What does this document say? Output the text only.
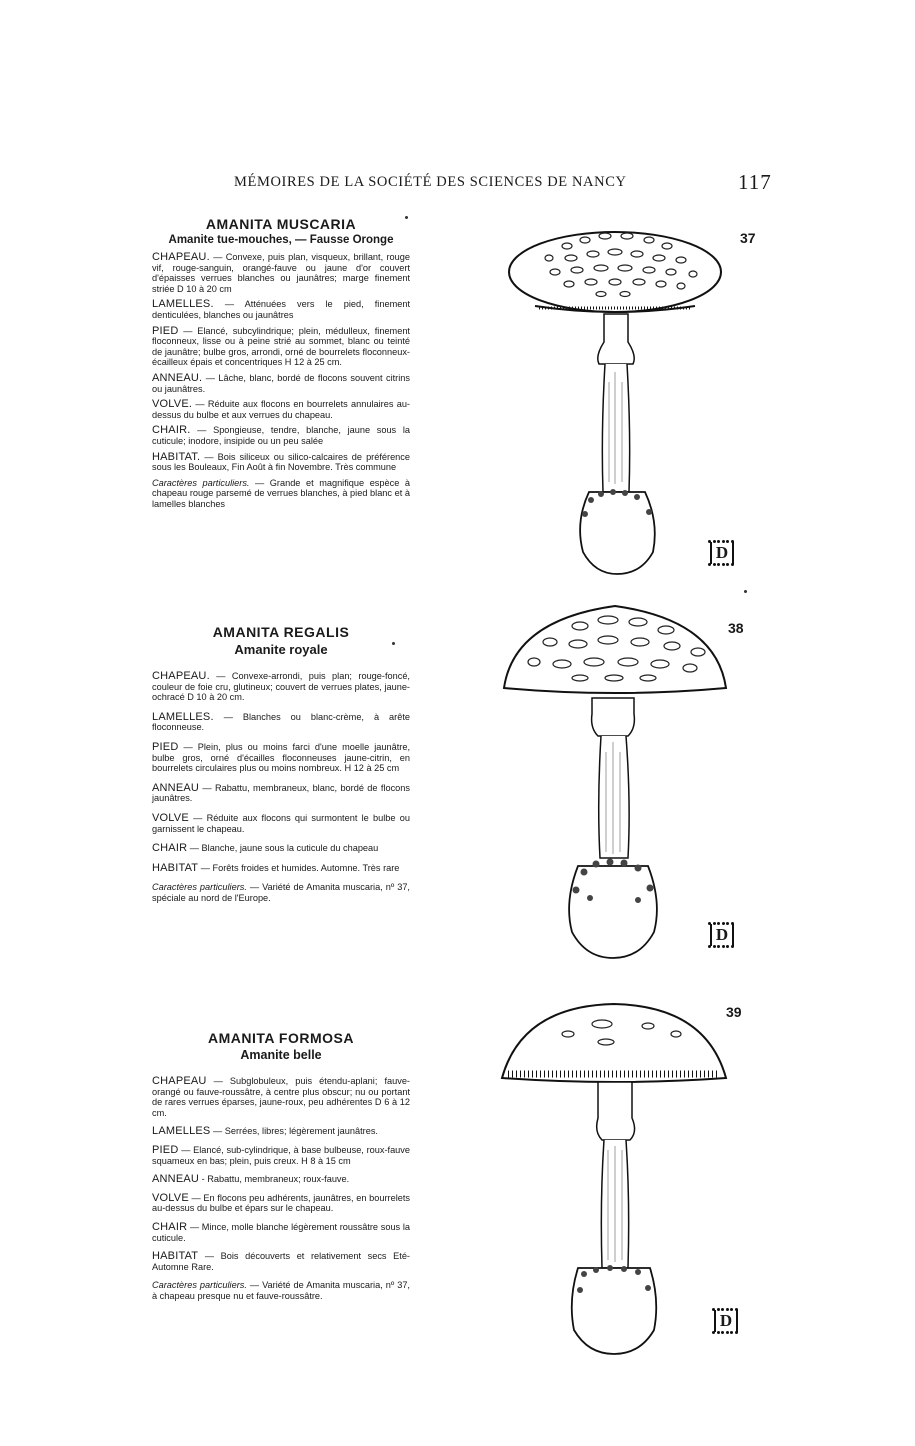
MÉMOIRES DE LA SOCIÉTÉ DES SCIENCES DE NANCY	117
AMANITA MUSCARIA
Amanite tue-mouches, — Fausse Oronge

CHAPEAU. — Convexe, puis plan, visqueux, brillant, rouge vif, rouge-sanguin, orangé-fauve ou jaune d'or couvert d'épaisses verrues blanches ou jaunâtres; marge finement striée D 10 à 20 cm

LAMELLES. — Atténuées vers le pied, finement denticulées, blanches ou jaunâtres

PIED — Elancé, subcylindrique; plein, médulleux, finement floconneux, lisse ou à peine strié au sommet, blanc ou teinté de jaunâtre; bulbe gros, arrondi, orné de bourrelets floconneux-écailleux épais et concentriques H 12 à 25 cm.

ANNEAU. — Lâche, blanc, bordé de flocons souvent citrins ou jaunâtres.

VOLVE. — Réduite aux flocons en bourrelets annulaires au-dessus du bulbe et aux verrues du chapeau.

CHAIR. — Spongieuse, tendre, blanche, jaune sous la cuticule; inodore, insipide ou un peu salée

HABITAT. — Bois siliceux ou silico-calcaires de préférence sous les Bouleaux, Fin Août à fin Novembre. Très commune

Caractères particuliers. — Grande et magnifique espèce à chapeau rouge parsemé de verrues blanches, à pied blanc et à lamelles blanches

AMANITA REGALIS
Amanite royale

CHAPEAU. — Convexe-arrondi, puis plan; rouge-foncé, couleur de foie cru, glutineux; couvert de verrues plates, jaune-ochracé D 10 à 20 cm.

LAMELLES. — Blanches ou blanc-crème, à arête floconneuse.

PIED — Plein, plus ou moins farci d'une moelle jaunâtre, bulbe gros, orné d'écailles floconneuses jaune-citrin, en bourrelets circulaires plus ou moins nombreux. H 12 à 25 cm

ANNEAU — Rabattu, membraneux, blanc, bordé de flocons jaunâtres.

VOLVE — Réduite aux flocons qui surmontent le bulbe ou garnissent le chapeau.

CHAIR — Blanche, jaune sous la cuticule du chapeau

HABITAT — Forêts froides et humides. Automne. Très rare

Caractères particuliers. — Variété de Amanita muscaria, nº 37, spéciale au nord de l'Europe.

AMANITA FORMOSA
Amanite belle

CHAPEAU — Subglobuleux, puis étendu-aplani; fauve-orangé ou fauve-roussâtre, à centre plus obscur; nu ou portant de rares verrues éparses, jaune-roux, peu adhérentes D 6 à 12 cm.

LAMELLES — Serrées, libres; légèrement jaunâtres.

PIED — Elancé, sub-cylindrique, à base bulbeuse, roux-fauve squameux en bas; plein, puis creux. H 8 à 15 cm

ANNEAU - Rabattu, membraneux; roux-fauve.

VOLVE — En flocons peu adhérents, jaunâtres, en bourrelets au-dessus du bulbe et épars sur le chapeau.

CHAIR — Mince, molle blanche légèrement roussâtre sous la cuticule.

HABITAT — Bois découverts et relativement secs Eté-Automne Rare.

Caractères particuliers. — Variété de Amanita muscaria, nº 37, à chapeau presque nu et fauve-roussâtre.

37
38
39
D
D
D
